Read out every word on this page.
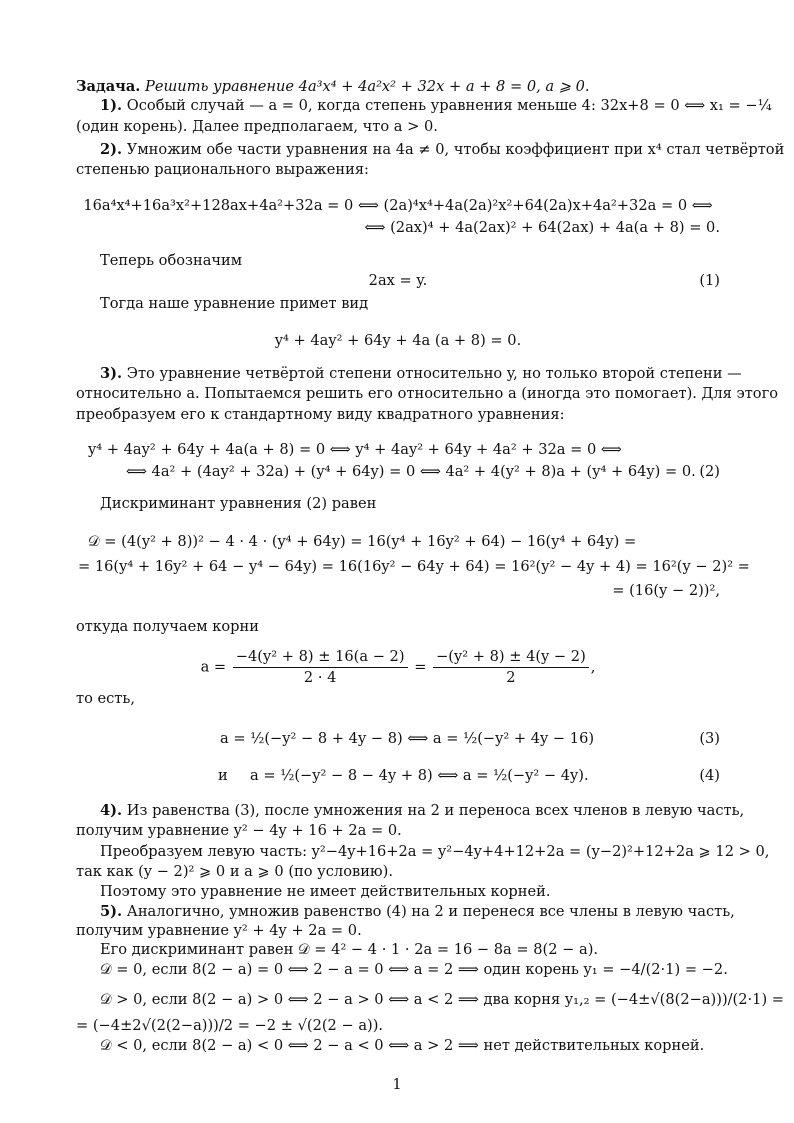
Задача. Решить уравнение 4a³x⁴ + 4a²x² + 32x + a + 8 = 0, a ⩾ 0.
1). Особый случай — a = 0, когда степень уравнения меньше 4: 32x+8 = 0 ⟺ x₁ = −¼
(один корень). Далее предполагаем, что a > 0.
2). Умножим обе части уравнения на 4a ≠ 0, чтобы коэффициент при x⁴ стал четвёртой
степенью рационального выражения:
16a⁴x⁴+16a³x²+128ax+4a²+32a = 0 ⟺ (2a)⁴x⁴+4a(2a)²x²+64(2a)x+4a²+32a = 0 ⟺
⟺ (2ax)⁴ + 4a(2ax)² + 64(2ax) + 4a(a + 8) = 0.
Теперь обозначим
2ax = y.	(1)
Тогда наше уравнение примет вид
y⁴ + 4ay² + 64y + 4a (a + 8) = 0.
3). Это уравнение четвёртой степени относительно y, но только второй степени —
относительно a. Попытаемся решить его относительно a (иногда это помогает). Для этого
преобразуем его к стандартному виду квадратного уравнения:
y⁴ + 4ay² + 64y + 4a(a + 8) = 0 ⟺ y⁴ + 4ay² + 64y + 4a² + 32a = 0 ⟺
⟺ 4a² + (4ay² + 32a) + (y⁴ + 64y) = 0 ⟺ 4a² + 4(y² + 8)a + (y⁴ + 64y) = 0. (2)
Дискриминант уравнения (2) равен
𝒟 = (4(y² + 8))² − 4 · 4 · (y⁴ + 64y) = 16(y⁴ + 16y² + 64) − 16(y⁴ + 64y) =
= 16(y⁴ + 16y² + 64 − y⁴ − 64y) = 16(16y² − 64y + 64) = 16²(y² − 4y + 4) = 16²(y − 2)² =
= (16(y − 2))²,
откуда получаем корни
$a = \frac{\text{−4(y² + 8) ± 16(a − 2)}}{2 \cdot 4} = \frac{\text{−(y² + 8) ± 4(y − 2)}}{2}$ ,
то есть,
a = ½(−y² − 8 + 4y − 8) ⟺ a = ½(−y² + 4y − 16)	(3)
и a = ½(−y² − 8 − 4y + 8) ⟺ a = ½(−y² − 4y).	(4)
4). Из равенства (3), после умножения на 2 и переноса всех членов в левую часть,
получим уравнение y² − 4y + 16 + 2a = 0.
Преобразуем левую часть: y²−4y+16+2a = y²−4y+4+12+2a = (y−2)²+12+2a ⩾ 12 > 0,
так как (y − 2)² ⩾ 0 и a ⩾ 0 (по условию).
Поэтому это уравнение не имеет действительных корней.
5). Аналогично, умножив равенство (4) на 2 и перенеся все члены в левую часть,
получим уравнение y² + 4y + 2a = 0.
Его дискриминант равен 𝒟 = 4² − 4 · 1 · 2a = 16 − 8a = 8(2 − a).
𝒟 = 0, если 8(2 − a) = 0 ⟺ 2 − a = 0 ⟺ a = 2 ⟹ один корень y₁ = −4/(2·1) = −2.
𝒟 > 0, если 8(2 − a) > 0 ⟺ 2 − a > 0 ⟺ a < 2 ⟹ два корня y₁,₂ = (−4±√(8(2−a)))/(2·1) =
= (−4±2√(2(2−a)))/2 = −2 ± √(2(2 − a)).
𝒟 < 0, если 8(2 − a) < 0 ⟺ 2 − a < 0 ⟺ a > 2 ⟹ нет действительных корней.
1
